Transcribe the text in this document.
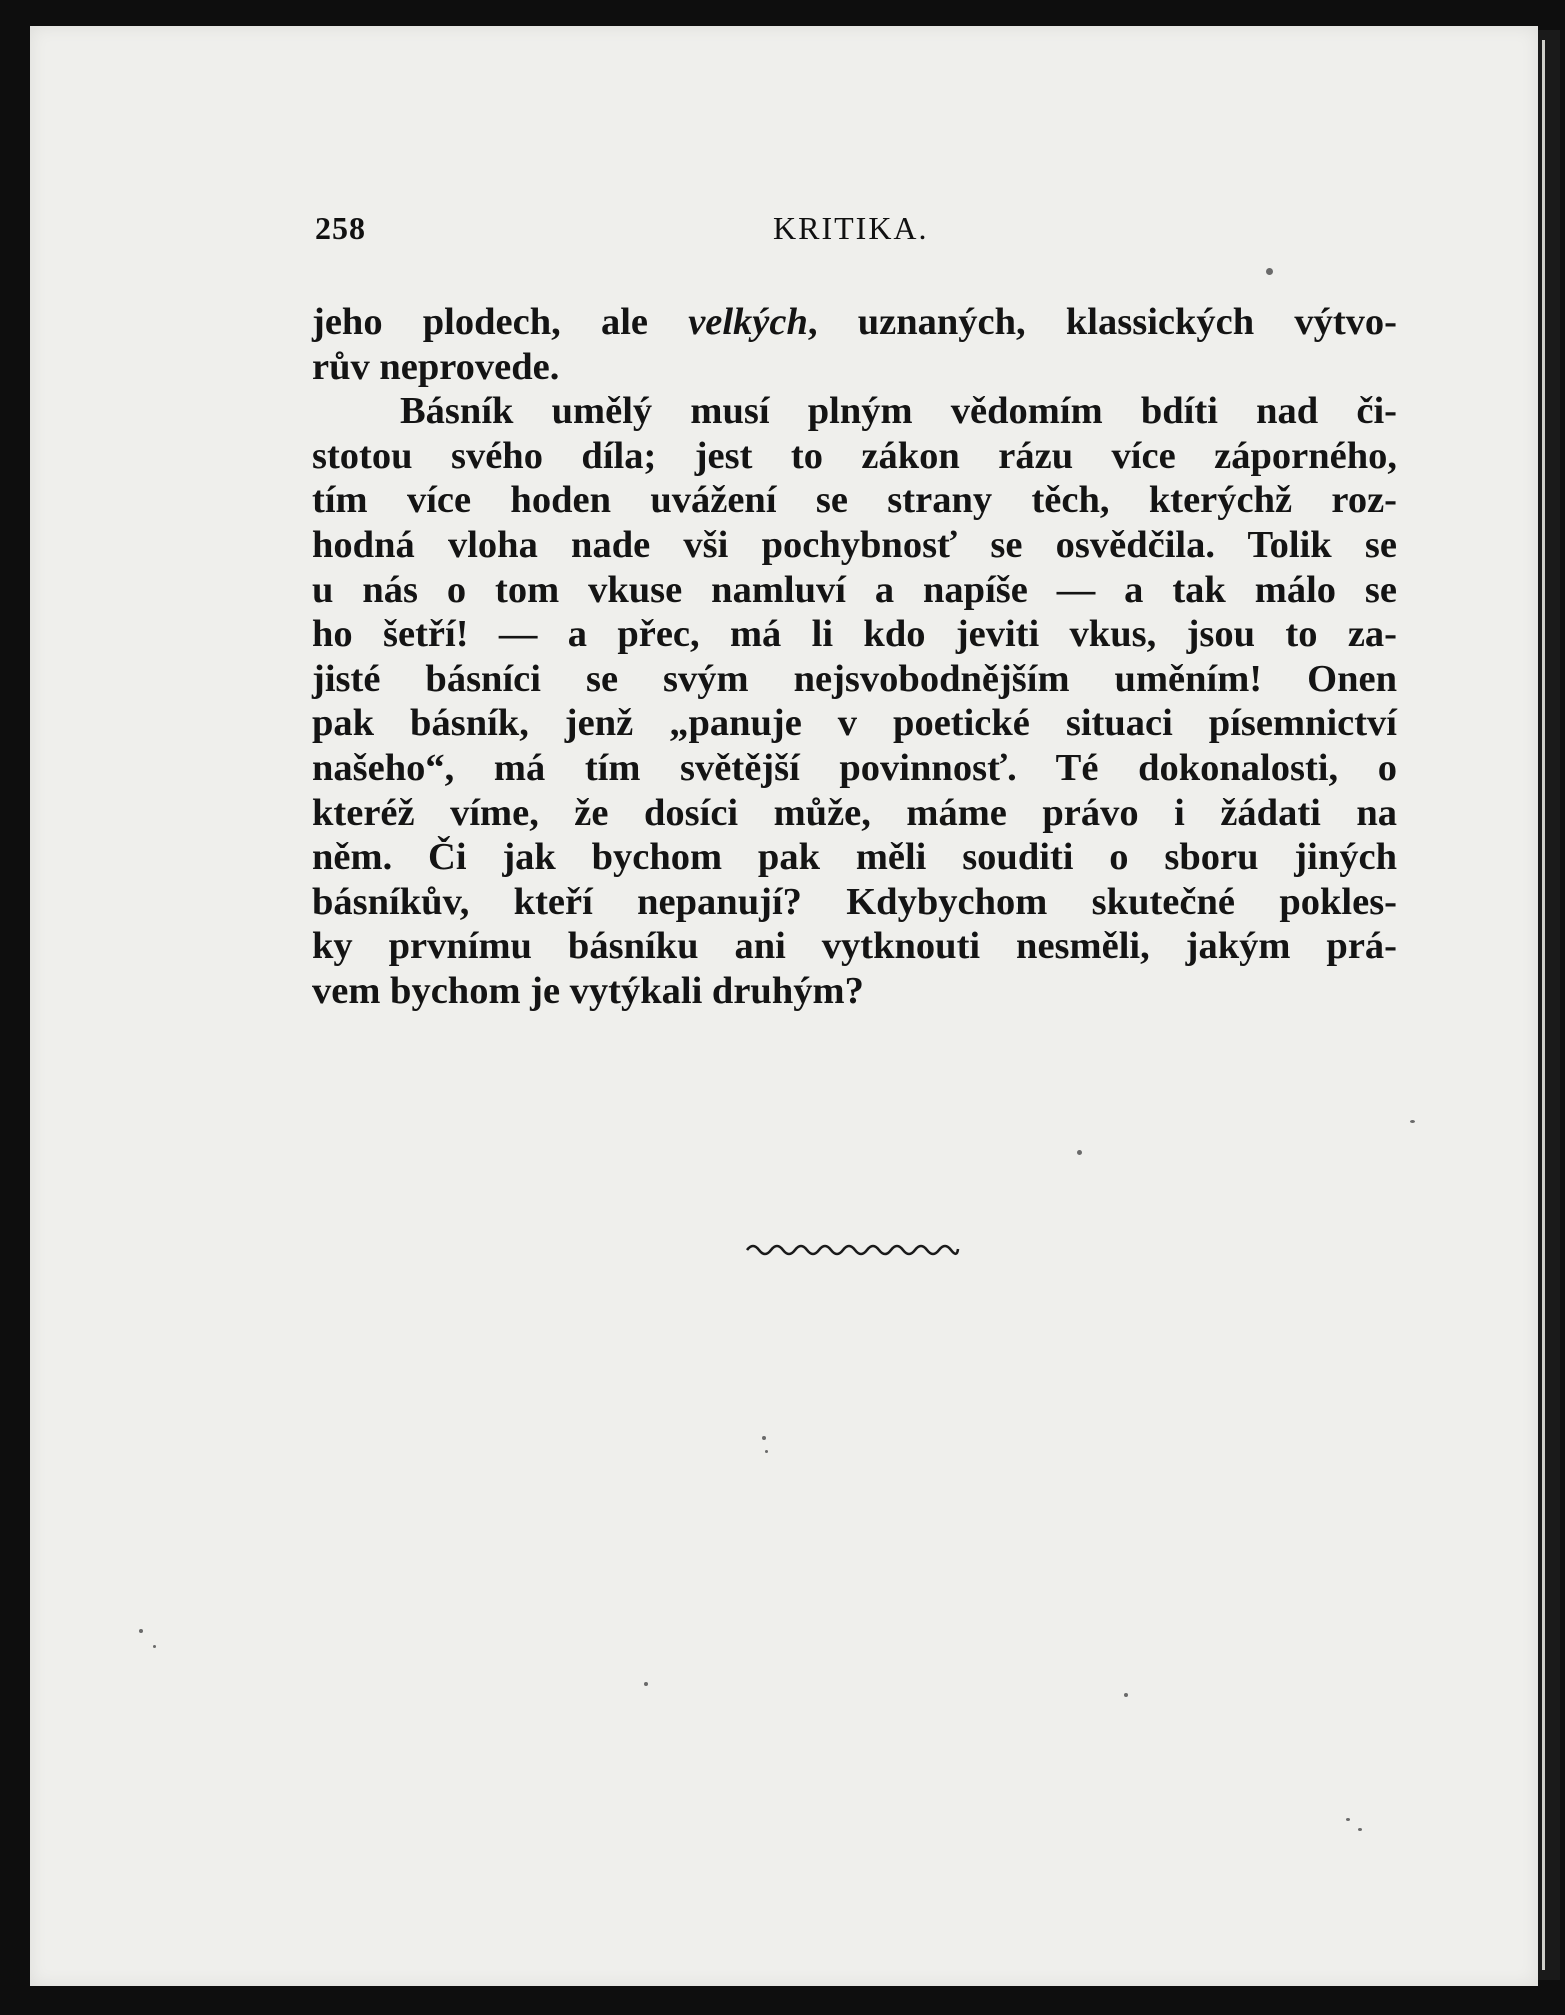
258	KRITIKA.
jeho plodech, ale velkých, uznaných, klassických výtvo-
rův neprovede.
Básník umělý musí plným vědomím bdíti nad či-
stotou svého díla; jest to zákon rázu více záporného,
tím více hoden uvážení se strany těch, kterýchž roz-
hodná vloha nade vši pochybnosť se osvědčila. Tolik se
u nás o tom vkuse namluví a napíše — a tak málo se
ho šetří! — a přec, má li kdo jeviti vkus, jsou to za-
jisté básníci se svým nejsvobodnějším uměním! Onen
pak básník, jenž „panuje v poetické situaci písemnictví
našeho“, má tím světější povinnosť. Té dokonalosti, o
kteréž víme, že dosíci může, máme právo i žádati na
něm. Či jak bychom pak měli souditi o sboru jiných
básníkův, kteří nepanují? Kdybychom skutečné pokles-
ky prvnímu básníku ani vytknouti nesměli, jakým prá-
vem bychom je vytýkali druhým?
